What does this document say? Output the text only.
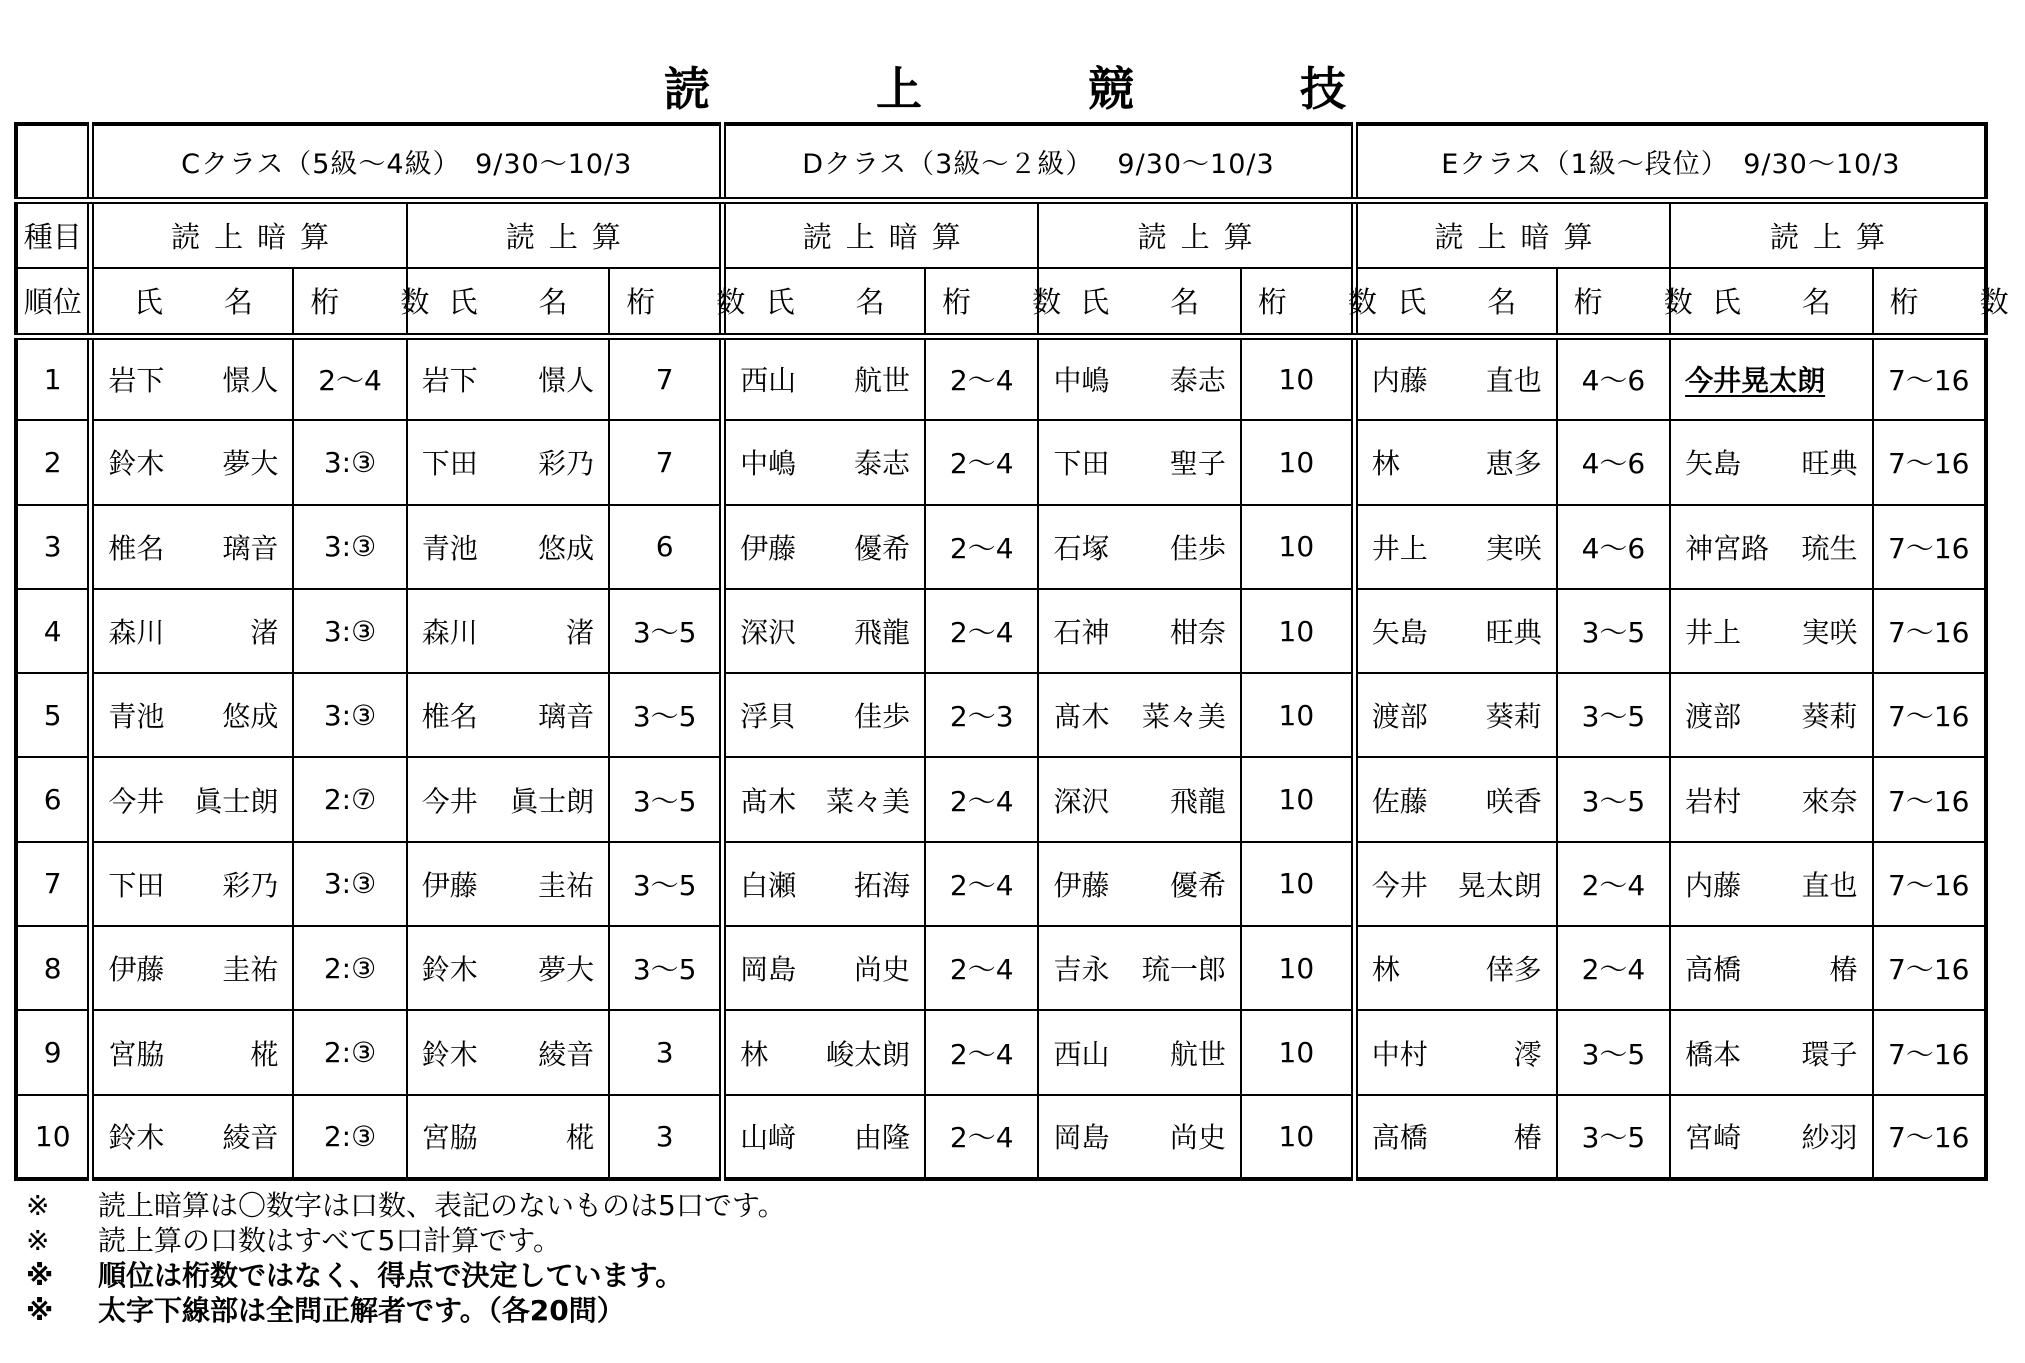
読　上　競　技
	Cクラス（5級～4級）　9/30～10/3				Dクラス（3級～２級）　 9/30～10/3				Eクラス（1級～段位）　9/30～10/3			
種目	読上暗算		読上算		読上暗算		読上算		読上暗算		読上算	
順位	氏　名	桁　数	氏　名	桁　数	氏　名	桁　数	氏　名	桁　数	氏　名	桁　数	氏　名	桁　数
1	岩下 憬人	2～4	岩下 憬人	7	西山 航世	2～4	中嶋 泰志	10	内藤 直也	4～6	今井晃太朗	7～16
2	鈴木 夢大	3:③	下田 彩乃	7	中嶋 泰志	2～4	下田 聖子	10	林 恵多	4～6	矢島 旺典	7～16
3	椎名 璃音	3:③	青池 悠成	6	伊藤 優希	2～4	石塚 佳歩	10	井上 実咲	4～6	神宮路 琉生	7～16
4	森川 渚	3:③	森川 渚	3～5	深沢 飛龍	2～4	石神 柑奈	10	矢島 旺典	3～5	井上 実咲	7～16
5	青池 悠成	3:③	椎名 璃音	3～5	浮貝 佳歩	2～3	髙木 菜々美	10	渡部 葵莉	3～5	渡部 葵莉	7～16
6	今井 眞士朗	2:⑦	今井 眞士朗	3～5	髙木 菜々美	2～4	深沢 飛龍	10	佐藤 咲香	3～5	岩村 來奈	7～16
7	下田 彩乃	3:③	伊藤 圭祐	3～5	白瀬 拓海	2～4	伊藤 優希	10	今井 晃太朗	2～4	内藤 直也	7～16
8	伊藤 圭祐	2:③	鈴木 夢大	3～5	岡島 尚史	2～4	吉永 琉一郎	10	林 倖多	2～4	高橋 椿	7～16
9	宮脇 椛	2:③	鈴木 綾音	3	林 峻太朗	2～4	西山 航世	10	中村 澪	3～5	橋本 環子	7～16
10	鈴木 綾音	2:③	宮脇 椛	3	山﨑 由隆	2～4	岡島 尚史	10	高橋 椿	3～5	宮崎 紗羽	7～16
※	読上暗算は〇数字は口数、表記のないものは5口です。
※	読上算の口数はすべて5口計算です。
※	順位は桁数ではなく、得点で決定しています。
※	太字下線部は全問正解者です。（各20問）
